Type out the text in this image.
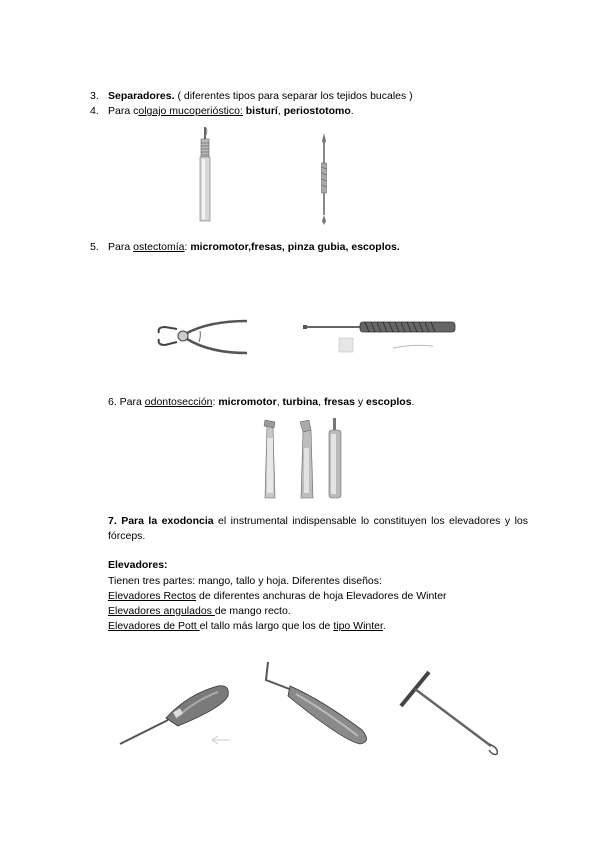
3. Separadores. ( diferentes tipos para separar los tejidos bucales )
4. Para colgajo mucoperióstico: bisturí, periostotomo.
5. Para ostectomía: micromotor,fresas, pinza gubia, escoplos.
6. Para odontosección: micromotor, turbina, fresas y escoplos.
7. Para la exodoncia el instrumental indispensable lo constituyen los elevadores y los fórceps.
Elevadores:
Tienen tres partes: mango, tallo y hoja. Diferentes diseños:
Elevadores Rectos de diferentes anchuras de hoja Elevadores de Winter
Elevadores angulados de mango recto.
Elevadores de Pott el tallo más largo que los de tipo Winter.
